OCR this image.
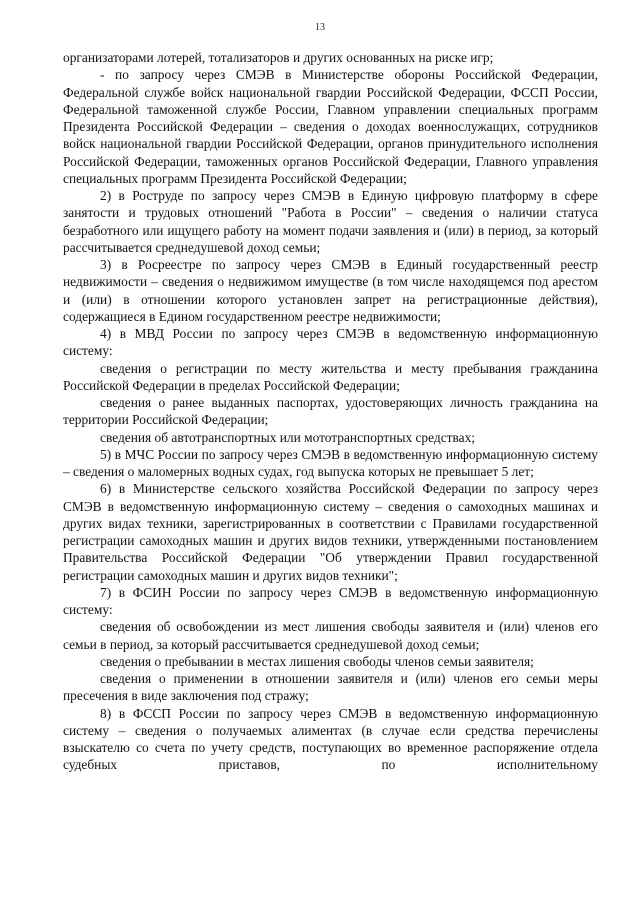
13

организаторами лотерей, тотализаторов и других основанных на риске игр;

- по запросу через СМЭВ в Министерстве обороны Российской Федерации, Федеральной службе войск национальной гвардии Российской Федерации, ФССП России, Федеральной таможенной службе России, Главном управлении специальных программ Президента Российской Федерации – сведения о доходах военнослужащих, сотрудников войск национальной гвардии Российской Федерации, органов принудительного исполнения Российской Федерации, таможенных органов Российской Федерации, Главного управления специальных программ Президента Российской Федерации;

2) в Роструде по запросу через СМЭВ в Единую цифровую платформу в сфере занятости и трудовых отношений "Работа в России" – сведения о наличии статуса безработного или ищущего работу на момент подачи заявления и (или) в период, за который рассчитывается среднедушевой доход семьи;

3) в Росреестре по запросу через СМЭВ в Единый государственный реестр недвижимости – сведения о недвижимом имуществе (в том числе находящемся под арестом и (или) в отношении которого установлен запрет на регистрационные действия), содержащиеся в Едином государственном реестре недвижимости;

4) в МВД России по запросу через СМЭВ в ведомственную информационную систему:

сведения о регистрации по месту жительства и месту пребывания гражданина Российской Федерации в пределах Российской Федерации;

сведения о ранее выданных паспортах, удостоверяющих личность гражданина на территории Российской Федерации;

сведения об автотранспортных или мототранспортных средствах;

5) в МЧС России по запросу через СМЭВ в ведомственную информационную систему – сведения о маломерных водных судах, год выпуска которых не превышает 5 лет;

6) в Министерстве сельского хозяйства Российской Федерации по запросу через СМЭВ в ведомственную информационную систему – сведения о самоходных машинах и других видах техники, зарегистрированных в соответствии с Правилами государственной регистрации самоходных машин и других видов техники, утвержденными постановлением Правительства Российской Федерации "Об утверждении Правил государственной регистрации самоходных машин и других видов техники";

7) в ФСИН России по запросу через СМЭВ в ведомственную информационную систему:

сведения об освобождении из мест лишения свободы заявителя и (или) членов его семьи в период, за который рассчитывается среднедушевой доход семьи;

сведения о пребывании в местах лишения свободы членов семьи заявителя;

сведения о применении в отношении заявителя и (или) членов его семьи меры пресечения в виде заключения под стражу;

8) в ФССП России по запросу через СМЭВ в ведомственную информационную систему – сведения о получаемых алиментах (в случае если средства перечислены взыскателю со счета по учету средств, поступающих во временное распоряжение отдела судебных приставов, по исполнительному
